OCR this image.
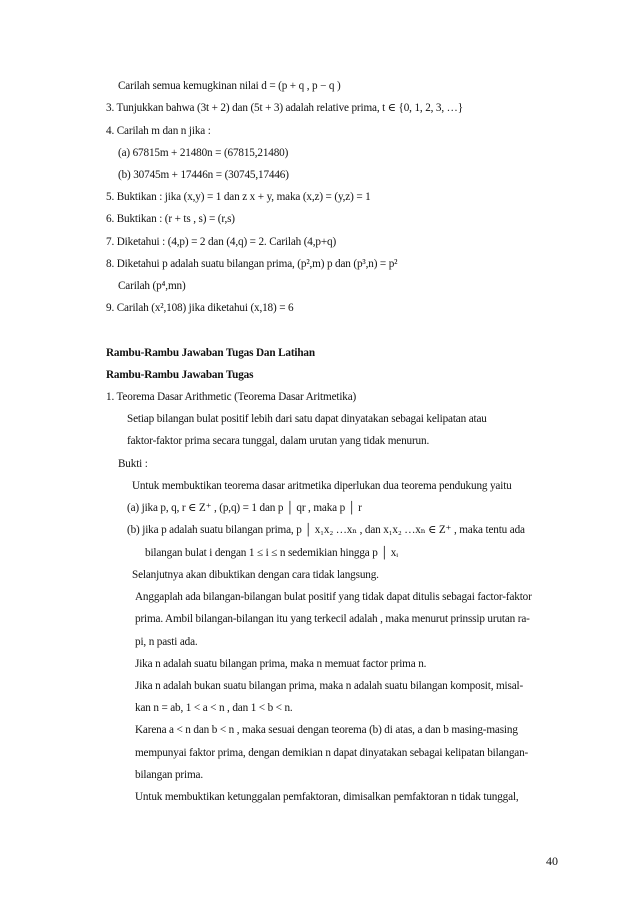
Carilah semua kemugkinan nilai d = (p + q , p − q )
3. Tunjukkan bahwa (3t + 2) dan (5t + 3) adalah relative prima, t ∈ {0, 1, 2, 3, …}
4. Carilah m dan n jika :
(a) 67815m + 21480n = (67815,21480)
(b) 30745m + 17446n = (30745,17446)
5. Buktikan : jika (x,y) = 1 dan z x + y, maka (x,z) = (y,z) = 1
6. Buktikan : (r + ts , s) = (r,s)
7. Diketahui : (4,p) = 2 dan (4,q) = 2. Carilah (4,p+q)
8. Diketahui p adalah suatu bilangan prima, (p²,m) p dan (p³,n) = p²
Carilah (p⁴,mn)
9. Carilah (x²,108) jika diketahui (x,18) = 6
Rambu-Rambu Jawaban Tugas Dan Latihan
Rambu-Rambu Jawaban Tugas
1. Teorema Dasar Arithmetic (Teorema Dasar Aritmetika)
Setiap bilangan bulat positif lebih dari satu dapat dinyatakan sebagai kelipatan atau
faktor-faktor prima secara tunggal, dalam urutan yang tidak menurun.
Bukti :
Untuk membuktikan teorema dasar aritmetika diperlukan dua teorema pendukung yaitu
(a) jika p, q, r ∈ Z⁺ , (p,q) = 1 dan p │ qr , maka p │ r
(b) jika p adalah suatu bilangan prima, p │ x₁x₂ …xₙ , dan x₁x₂ …xₙ ∈ Z⁺ , maka tentu ada
bilangan bulat i dengan 1 ≤ i ≤ n sedemikian hingga p │ xᵢ
Selanjutnya akan dibuktikan dengan cara tidak langsung.
Anggaplah ada bilangan-bilangan bulat positif yang tidak dapat ditulis sebagai factor-faktor
prima. Ambil bilangan-bilangan itu yang terkecil adalah , maka menurut prinssip urutan ra-
pi, n pasti ada.
Jika n adalah suatu bilangan prima, maka n memuat factor prima n.
Jika n adalah bukan suatu bilangan prima, maka n adalah suatu bilangan komposit, misal-
kan n = ab, 1 < a < n , dan 1 < b < n.
Karena a < n dan b < n , maka sesuai dengan teorema (b) di atas, a dan b masing-masing
mempunyai faktor prima, dengan demikian n dapat dinyatakan sebagai kelipatan bilangan-
bilangan prima.
Untuk membuktikan ketunggalan pemfaktoran, dimisalkan pemfaktoran n tidak tunggal,
40
